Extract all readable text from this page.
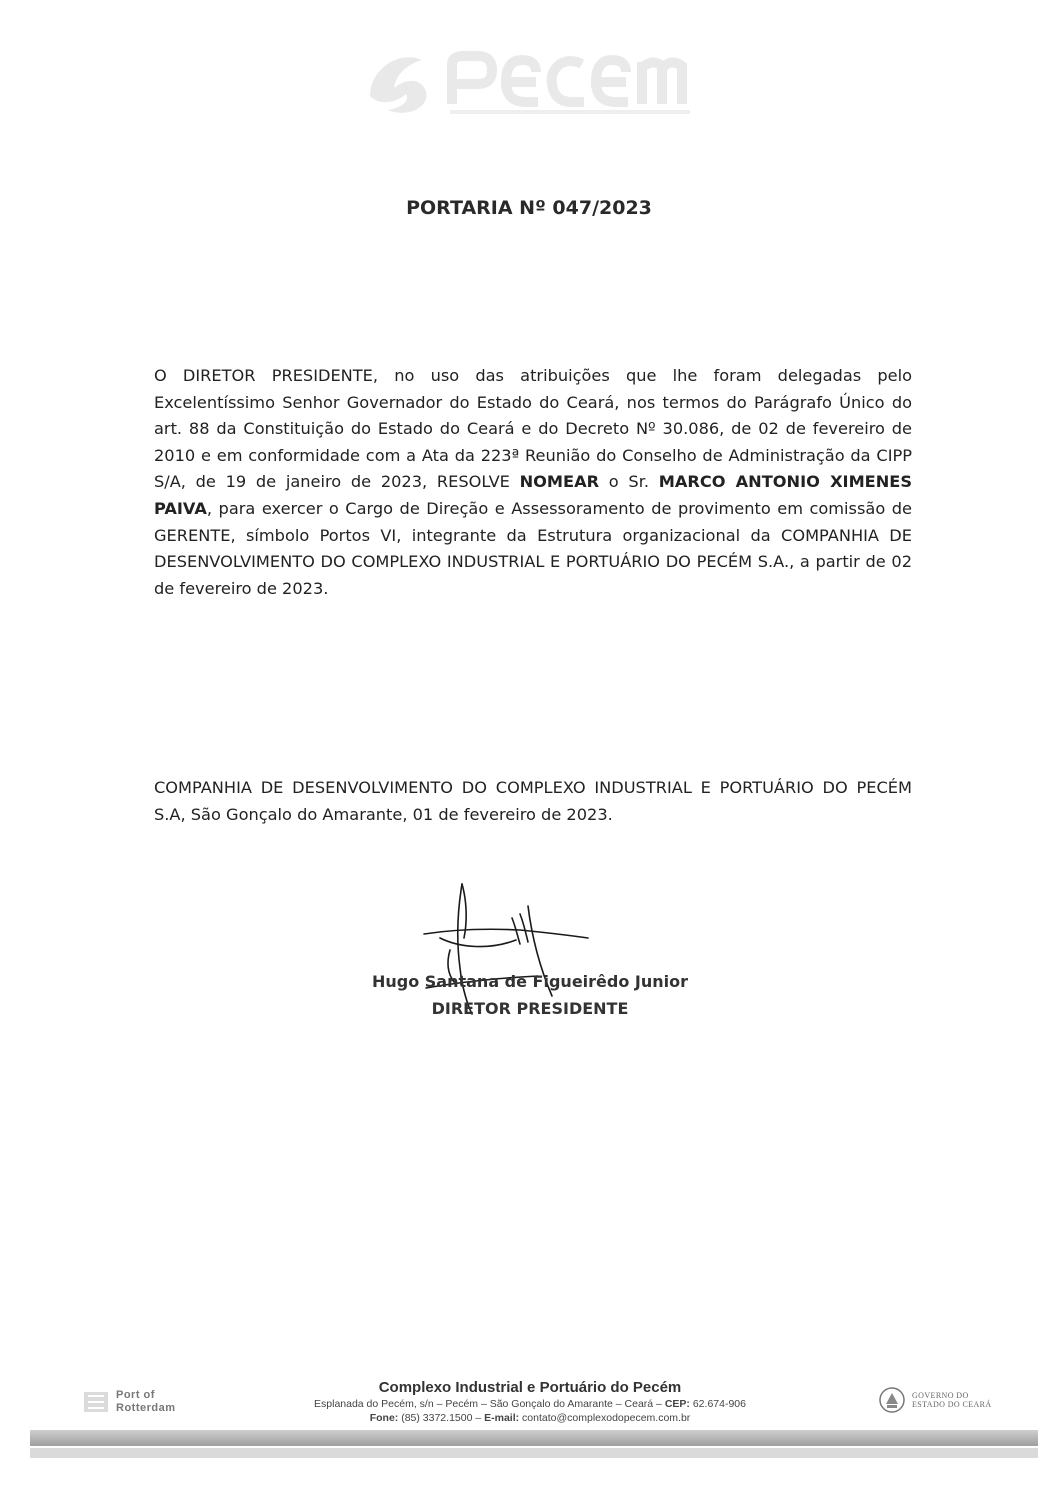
PORTARIA Nº 047/2023
O DIRETOR PRESIDENTE, no uso das atribuições que lhe foram delegadas pelo Excelentíssimo Senhor Governador do Estado do Ceará, nos termos do Parágrafo Único do art. 88 da Constituição do Estado do Ceará e do Decreto Nº 30.086, de 02 de fevereiro de 2010 e em conformidade com a Ata da 223ª Reunião do Conselho de Administração da CIPP S/A, de 19 de janeiro de 2023, RESOLVE NOMEAR o Sr. MARCO ANTONIO XIMENES PAIVA, para exercer o Cargo de Direção e Assessoramento de provimento em comissão de GERENTE, símbolo Portos VI, integrante da Estrutura organizacional da COMPANHIA DE DESENVOLVIMENTO DO COMPLEXO INDUSTRIAL E PORTUÁRIO DO PECÉM S.A., a partir de 02 de fevereiro de 2023.
COMPANHIA DE DESENVOLVIMENTO DO COMPLEXO INDUSTRIAL E PORTUÁRIO DO PECÉM S.A, São Gonçalo do Amarante, 01 de fevereiro de 2023.
Hugo Santana de Figueirêdo Junior
DIRETOR PRESIDENTE
Port of
Rotterdam
Complexo Industrial e Portuário do Pecém
Esplanada do Pecém, s/n – Pecém – São Gonçalo do Amarante – Ceará – CEP: 62.674-906
Fone: (85) 3372.1500 – E-mail: contato@complexodopecem.com.br
GOVERNO DO
ESTADO DO CEARÁ
